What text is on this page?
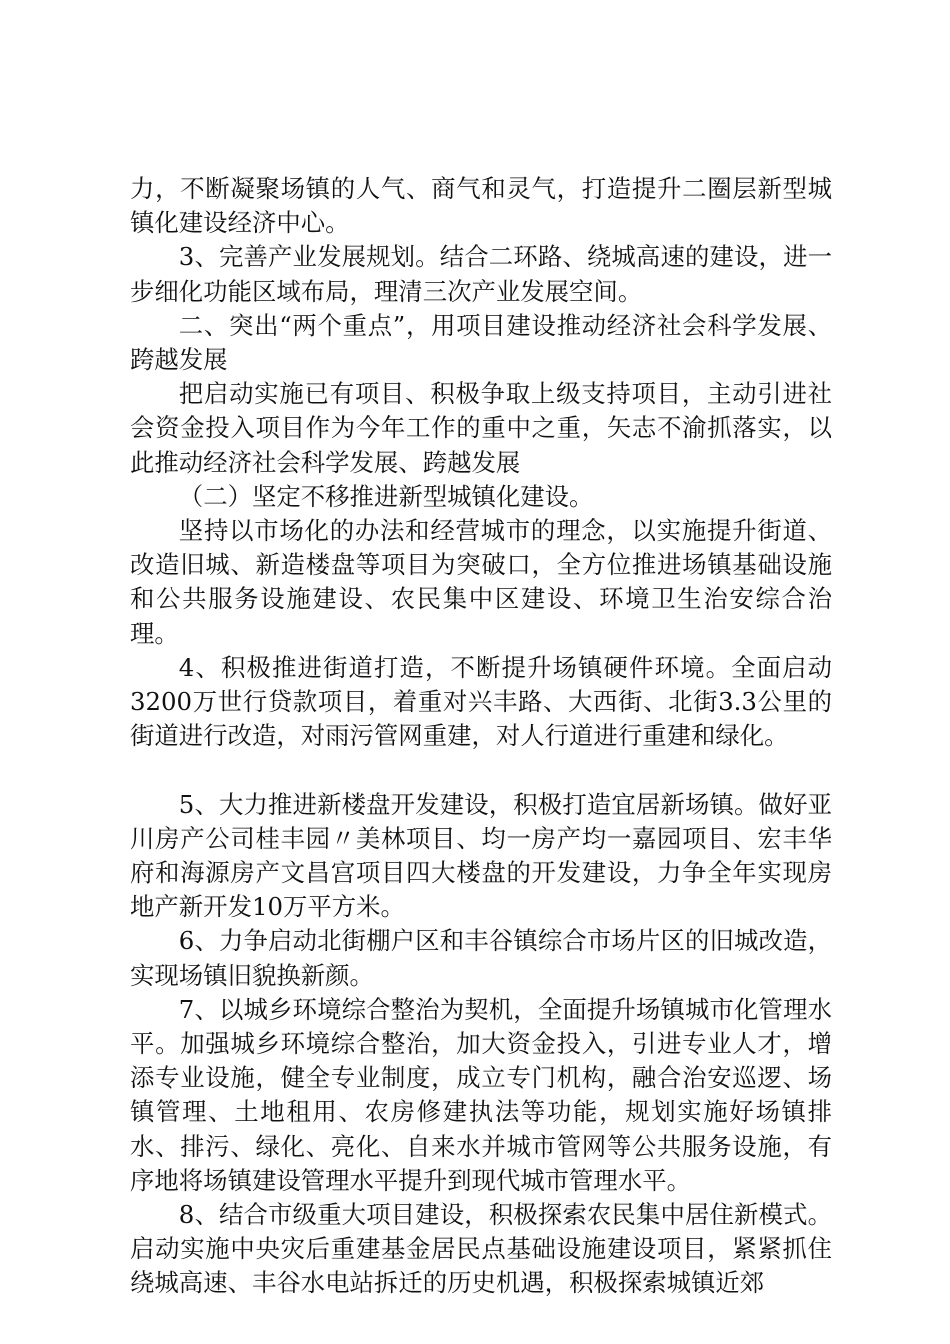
力，不断凝聚场镇的人气、商气和灵气，打造提升二圈层新型城镇化建设经济中心。

3、完善产业发展规划。结合二环路、绕城高速的建设，进一步细化功能区域布局，理清三次产业发展空间。

二、突出“两个重点”，用项目建设推动经济社会科学发展、跨越发展

把启动实施已有项目、积极争取上级支持项目，主动引进社会资金投入项目作为今年工作的重中之重，矢志不渝抓落实，以此推动经济社会科学发展、跨越发展

（二）坚定不移推进新型城镇化建设。

坚持以市场化的办法和经营城市的理念，以实施提升街道、改造旧城、新造楼盘等项目为突破口，全方位推进场镇基础设施和公共服务设施建设、农民集中区建设、环境卫生治安综合治理。

4、积极推进街道打造，不断提升场镇硬件环境。全面启动3200万世行贷款项目，着重对兴丰路、大西街、北街3.3公里的街道进行改造，对雨污管网重建，对人行道进行重建和绿化。

5、大力推进新楼盘开发建设，积极打造宜居新场镇。做好亚川房产公司桂丰园〃美林项目、均一房产均一嘉园项目、宏丰华府和海源房产文昌宫项目四大楼盘的开发建设，力争全年实现房地产新开发10万平方米。

6、力争启动北街棚户区和丰谷镇综合市场片区的旧城改造，实现场镇旧貌换新颜。

7、以城乡环境综合整治为契机，全面提升场镇城市化管理水平。加强城乡环境综合整治，加大资金投入，引进专业人才，增添专业设施，健全专业制度，成立专门机构，融合治安巡逻、场镇管理、土地租用、农房修建执法等功能，规划实施好场镇排水、排污、绿化、亮化、自来水并城市管网等公共服务设施，有序地将场镇建设管理水平提升到现代城市管理水平。

8、结合市级重大项目建设，积极探索农民集中居住新模式。启动实施中央灾后重建基金居民点基础设施建设项目，紧紧抓住绕城高速、丰谷水电站拆迁的历史机遇，积极探索城镇近郊
